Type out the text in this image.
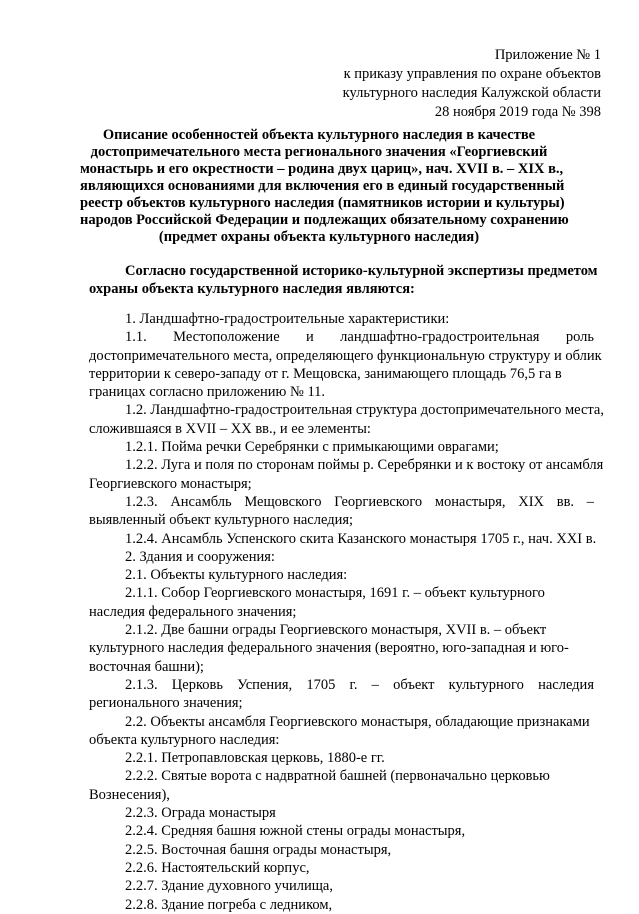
Приложение № 1
к приказу управления по охране объектов
культурного наследия Калужской области
28 ноября 2019 года № 398
Описание особенностей объекта культурного наследия в качестве
достопримечательного места регионального значения «Георгиевский
монастырь и его окрестности – родина двух цариц», нач. XVII в. – XIX в.,
являющихся основаниями для включения его в единый государственный
реестр объектов культурного наследия (памятников истории и культуры)
народов Российской Федерации и подлежащих обязательному сохранению
(предмет охраны объекта культурного наследия)
Согласно государственной историко-культурной экспертизы предметом
охраны объекта культурного наследия являются:
1. Ландшафтно-градостроительные характеристики:
1.1. Местоположение и ландшафтно-градостроительная роль
достопримечательного места, определяющего функциональную структуру и облик
территории к северо-западу от г. Мещовска, занимающего площадь 76,5 га в
границах согласно приложению № 11.
1.2. Ландшафтно-градостроительная структура достопримечательного места,
сложившаяся в XVII – XX вв., и ее элементы:
1.2.1. Пойма речки Серебрянки с примыкающими оврагами;
1.2.2. Луга и поля по сторонам поймы р. Серебрянки и к востоку от ансамбля
Георгиевского монастыря;
1.2.3. Ансамбль Мещовского Георгиевского монастыря, XIX вв. –
выявленный объект культурного наследия;
1.2.4. Ансамбль Успенского скита Казанского монастыря 1705 г., нач. XXI в.
2. Здания и сооружения:
2.1. Объекты культурного наследия:
2.1.1. Собор Георгиевского монастыря, 1691 г. – объект культурного
наследия федерального значения;
2.1.2. Две башни ограды Георгиевского монастыря, XVII в. – объект
культурного наследия федерального значения (вероятно, юго-западная и юго-
восточная башни);
2.1.3. Церковь Успения, 1705 г. – объект культурного наследия
регионального значения;
2.2. Объекты ансамбля Георгиевского монастыря, обладающие признаками
объекта культурного наследия:
2.2.1. Петропавловская церковь, 1880-е гг.
2.2.2. Святые ворота с надвратной башней (первоначально церковью
Вознесения),
2.2.3. Ограда монастыря
2.2.4. Средняя башня южной стены ограды монастыря,
2.2.5. Восточная башня ограды монастыря,
2.2.6. Настоятельский корпус,
2.2.7. Здание духовного училища,
2.2.8. Здание погреба с ледником,
